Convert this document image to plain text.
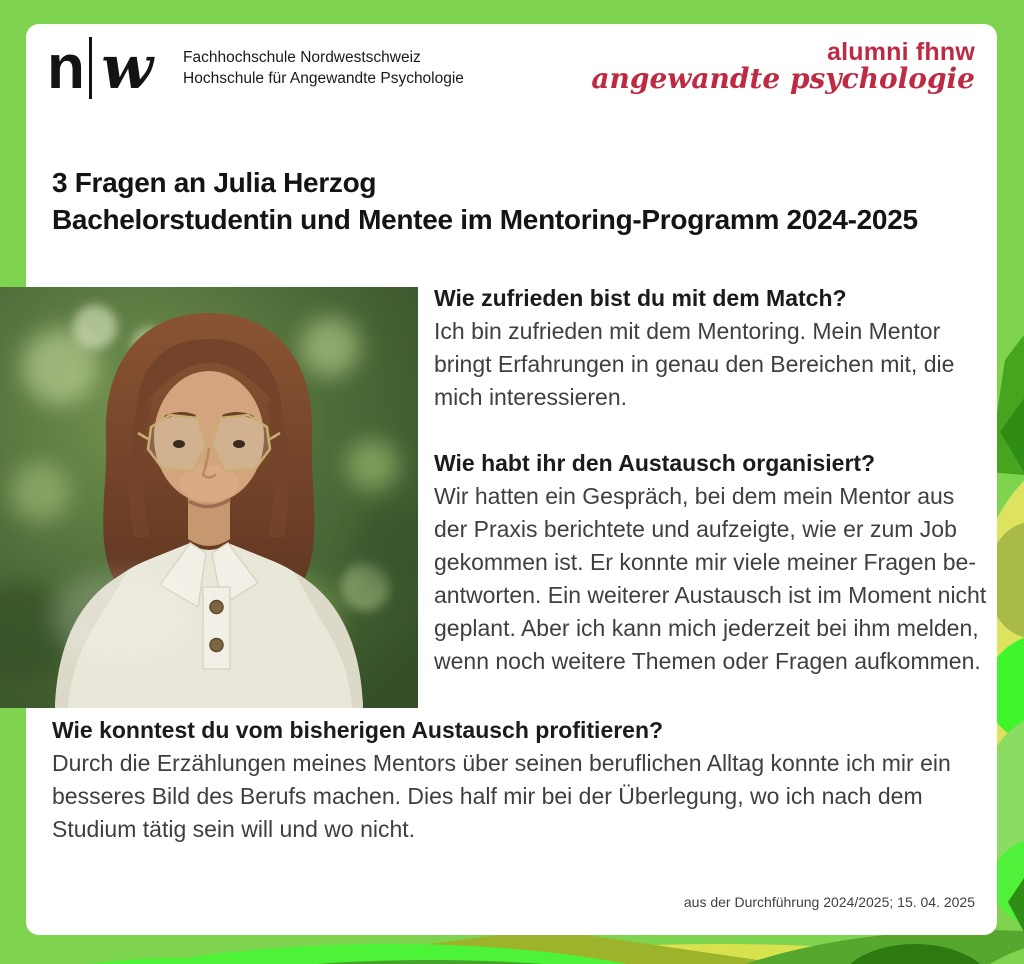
n w Fachhochschule Nordwestschweiz
Hochschule für Angewandte Psychologie
alumni fhnw
angewandte psychologie
3 Fragen an Julia Herzog
Bachelorstudentin und Mentee im Mentoring-Programm 2024-2025

Wie zufrieden bist du mit dem Match?

Ich bin zufrieden mit dem Mentoring. Mein Mentor bringt Erfahrungen in genau den Bereichen mit, die mich interessieren.

Wie habt ihr den Austausch organisiert?

Wir hatten ein Gespräch, bei dem mein Mentor aus der Praxis berichtete und aufzeigte, wie er zum Job gekommen ist. Er konnte mir viele meiner Fragen beantworten. Ein weiterer Austausch ist im Moment nicht geplant. Aber ich kann mich jederzeit bei ihm melden, wenn noch weitere Themen oder Fragen aufkommen.

Wie konntest du vom bisherigen Austausch profitieren?

Durch die Erzählungen meines Mentors über seinen beruflichen Alltag konnte ich mir ein besseres Bild des Berufs machen. Dies half mir bei der Überlegung, wo ich nach dem Studium tätig sein will und wo nicht.

aus der Durchführung 2024/2025; 15. 04. 2025
